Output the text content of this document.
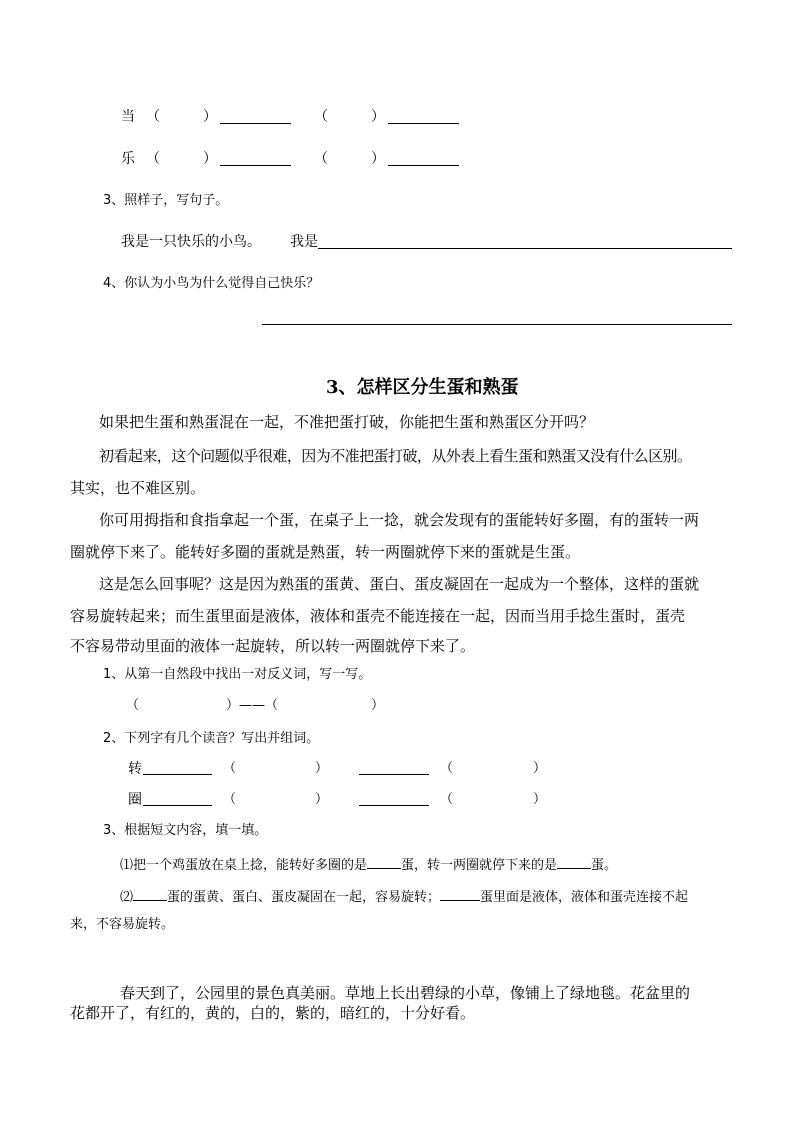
当 （	）	（	）
乐 （	）	（	）
3、照样子，写句子。
我是一只快乐的小鸟。 我是
4、你认为小鸟为什么觉得自己快乐？
3、怎样区分生蛋和熟蛋
如果把生蛋和熟蛋混在一起，不准把蛋打破，你能把生蛋和熟蛋区分开吗？
初看起来，这个问题似乎很难，因为不准把蛋打破，从外表上看生蛋和熟蛋又没有什么区别。
其实，也不难区别。
你可用拇指和食指拿起一个蛋，在桌子上一捻，就会发现有的蛋能转好多圈，有的蛋转一两
圈就停下来了。能转好多圈的蛋就是熟蛋，转一两圈就停下来的蛋就是生蛋。
这是怎么回事呢？这是因为熟蛋的蛋黄、蛋白、蛋皮凝固在一起成为一个整体，这样的蛋就
容易旋转起来；而生蛋里面是液体，液体和蛋壳不能连接在一起，因而当用手捻生蛋时，蛋壳
不容易带动里面的液体一起旋转，所以转一两圈就停下来了。
1、从第一自然段中找出一对反义词，写一写。
（	）——（	）
2、下列字有几个读音？写出并组词。
转	（	）	（	）
圈	（	）	（	）
3、根据短文内容，填一填。
⑴把一个鸡蛋放在桌上捻，能转好多圈的是	蛋，转一两圈就停下来的是	蛋。
⑵	蛋的蛋黄、蛋白、蛋皮凝固在一起，容易旋转；	蛋里面是液体，液体和蛋壳连接不起
来，不容易旋转。
春天到了，公园里的景色真美丽。草地上长出碧绿的小草，像铺上了绿地毯。花盆里的
花都开了，有红的，黄的，白的，紫的，暗红的，十分好看。
